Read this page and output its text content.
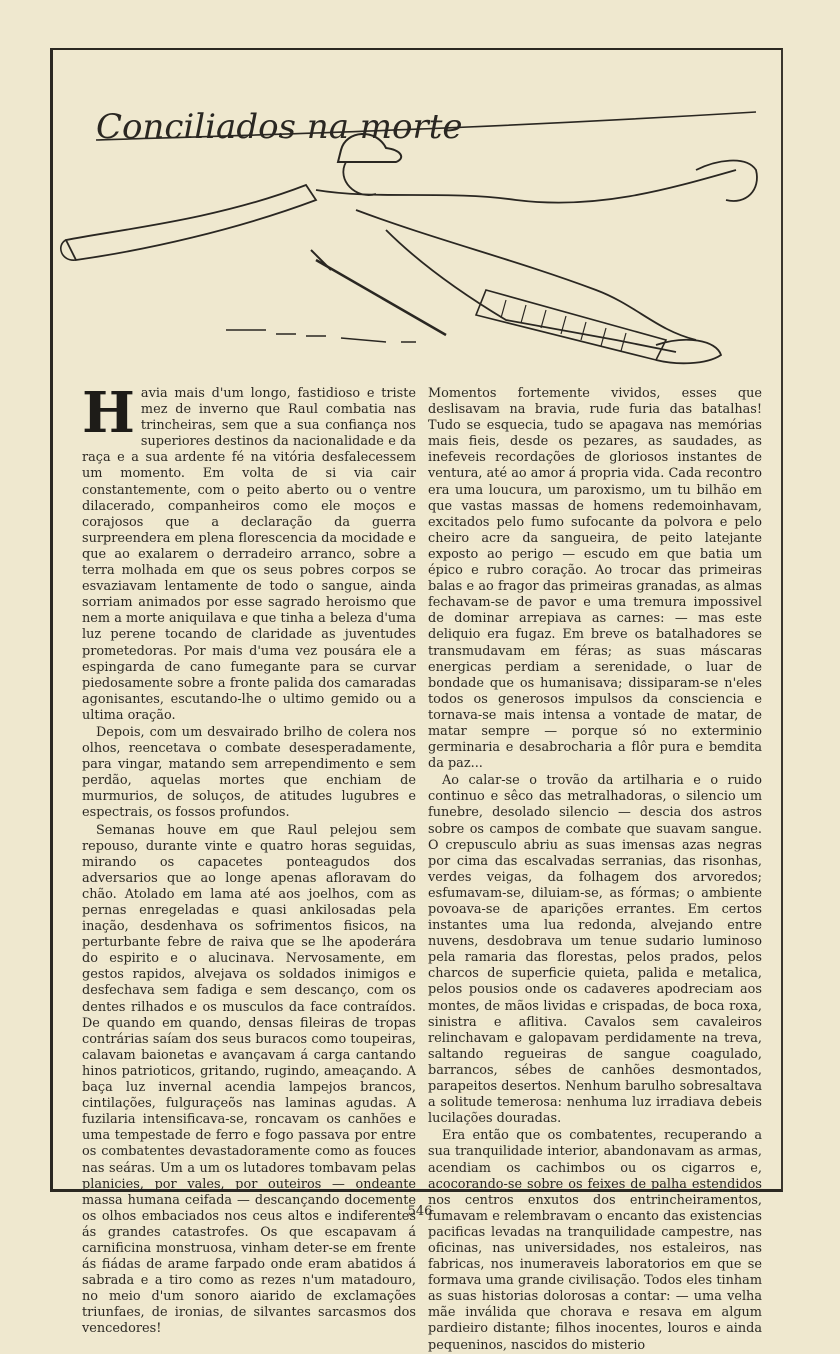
Conciliados na morte

Havia mais d'um longo, fastidioso e triste mez de inverno que Raul combatia nas trincheiras, sem que a sua confiança nos superiores destinos da nacionalidade e da raça e a sua ardente fé na vitória desfalecessem um momento. Em volta de si via cair constantemente, com o peito aberto ou o ventre dilacerado, companheiros como ele moços e corajosos que a declaração da guerra surpreendera em plena florescencia da mocidade e que ao exalarem o derradeiro arranco, sobre a terra molhada em que os seus pobres corpos se esvaziavam lentamente de todo o sangue, ainda sorriam animados por esse sagrado heroismo que nem a morte aniquilava e que tinha a beleza d'uma luz perene tocando de claridade as juventudes prometedoras. Por mais d'uma vez pousára ele a espingarda de cano fumegante para se curvar piedosamente sobre a fronte palida dos camaradas agonisantes, escutando-lhe o ultimo gemido ou a ultima oração.

Depois, com um desvairado brilho de colera nos olhos, reencetava o combate desesperadamente, para vingar, matando sem arrependimento e sem perdão, aquelas mortes que enchiam de murmurios, de soluços, de atitudes lugubres e espectrais, os fossos profundos.

Semanas houve em que Raul pelejou sem repouso, durante vinte e quatro horas seguidas, mirando os capacetes ponteagudos dos adversarios que ao longe apenas afloravam do chão. Atolado em lama até aos joelhos, com as pernas enregeladas e quasi ankilosadas pela inação, desdenhava os sofrimentos fisicos, na perturbante febre de raiva que se lhe apoderára do espirito e o alucinava. Nervosamente, em gestos rapidos, alvejava os soldados inimigos e desfechava sem fadiga e sem descanço, com os dentes rilhados e os musculos da face contraídos. De quando em quando, densas fileiras de tropas contrárias saíam dos seus buracos como toupeiras, calavam baionetas e avançavam á carga cantando hinos patrioticos, gritando, rugindo, ameaçando. A baça luz invernal acendia lampejos brancos, cintilações, fulguraçeõs nas laminas agudas. A fuzilaria intensificava-se, roncavam os canhões e uma tempestade de ferro e fogo passava por entre os combatentes devastadoramente como as fouces nas seáras. Um a um os lutadores tombavam pelas planicies, por vales, por outeiros — ondeante massa humana ceifada — descançando docemente os olhos embaciados nos ceus altos e indiferentes ás grandes catastrofes. Os que escapavam á carnificina monstruosa, vinham deter-se em frente ás fiádas de arame farpado onde eram abatidos á sabrada e a tiro como as rezes n'um matadouro, no meio d'um sonoro aiarido de exclamações triunfaes, de ironias, de silvantes sarcasmos dos vencedores!

Momentos fortemente vividos, esses que deslisavam na bravia, rude furia das batalhas! Tudo se esquecia, tudo se apagava nas memórias mais fieis, desde os pezares, as saudades, as inefeveis recordações de gloriosos instantes de ventura, até ao amor á propria vida. Cada recontro era uma loucura, um paroxismo, um tu bilhão em que vastas massas de homens redemoinhavam, excitados pelo fumo sufocante da polvora e pelo cheiro acre da sangueira, de peito latejante exposto ao perigo — escudo em que batia um épico e rubro coração. Ao trocar das primeiras balas e ao fragor das primeiras granadas, as almas fechavam-se de pavor e uma tremura impossivel de dominar arrepiava as carnes: — mas este deliquio era fugaz. Em breve os batalhadores se transmudavam em féras; as suas máscaras energicas perdiam a serenidade, o luar de bondade que os humanisava; dissiparam-se n'eles todos os generosos impulsos da consciencia e tornava-se mais intensa a vontade de matar, de matar sempre — porque só no exterminio germinaria e desabrocharia a flôr pura e bemdita da paz...

Ao calar-se o trovão da artilharia e o ruido continuo e sêco das metralhadoras, o silencio um funebre, desolado silencio — descia dos astros sobre os campos de combate que suavam sangue. O crepusculo abriu as suas imensas azas negras por cima das escalvadas serranias, das risonhas, verdes veigas, da folhagem dos arvoredos; esfumavam-se, diluiam-se, as fórmas; o ambiente povoava-se de aparições errantes. Em certos instantes uma lua redonda, alvejando entre nuvens, desdobrava um tenue sudario luminoso pela ramaria das florestas, pelos prados, pelos charcos de superficie quieta, palida e metalica, pelos pousios onde os cadaveres apodreciam aos montes, de mãos lividas e crispadas, de boca roxa, sinistra e aflitiva. Cavalos sem cavaleiros relinchavam e galopavam perdidamente na treva, saltando regueiras de sangue coagulado, barrancos, sébes de canhões desmontados, parapeitos desertos. Nenhum barulho sobresaltava a solitude temerosa: nenhuma luz irradiava debeis lucilações douradas.

Era então que os combatentes, recuperando a sua tranquilidade interior, abandonavam as armas, acendiam os cachimbos ou os cigarros e, acocorando-se sobre os feixes de palha estendidos nos centros enxutos dos entrincheiramentos, fumavam e relembravam o encanto das existencias pacificas levadas na tranquilidade campestre, nas oficinas, nas universidades, nos estaleiros, nas fabricas, nos inumeraveis laboratorios em que se formava uma grande civilisação. Todos eles tinham as suas historias dolorosas a contar: — uma velha mãe inválida que chorava e resava em algum pardieiro distante; filhos inocentes, louros e ainda pequeninos, nascidos do misterio

546
